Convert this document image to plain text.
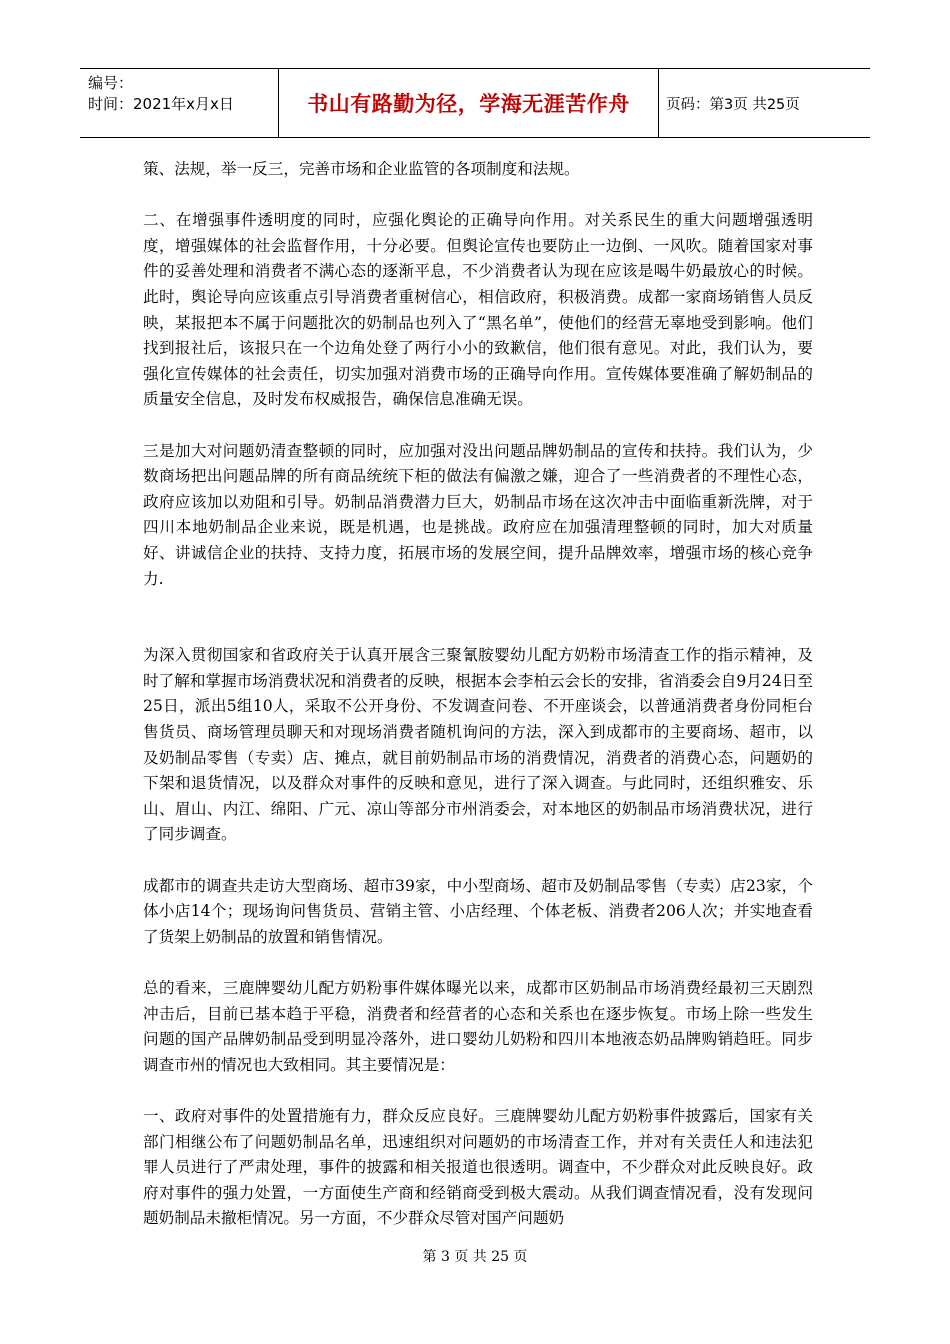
编号：
时间：2021年x月x日	书山有路勤为径，学海无涯苦作舟	页码：第3页 共25页

策、法规，举一反三，完善市场和企业监管的各项制度和法规。

二、在增强事件透明度的同时，应强化舆论的正确导向作用。对关系民生的重大问题增强透明度，增强媒体的社会监督作用，十分必要。但舆论宣传也要防止一边倒、一风吹。随着国家对事件的妥善处理和消费者不满心态的逐渐平息，不少消费者认为现在应该是喝牛奶最放心的时候。此时，舆论导向应该重点引导消费者重树信心，相信政府，积极消费。成都一家商场销售人员反映，某报把本不属于问题批次的奶制品也列入了“黑名单”，使他们的经营无辜地受到影响。他们找到报社后，该报只在一个边角处登了两行小小的致歉信，他们很有意见。对此，我们认为，要强化宣传媒体的社会责任，切实加强对消费市场的正确导向作用。宣传媒体要准确了解奶制品的质量安全信息，及时发布权威报告，确保信息准确无误。

三是加大对问题奶清查整顿的同时，应加强对没出问题品牌奶制品的宣传和扶持。我们认为，少数商场把出问题品牌的所有商品统统下柜的做法有偏激之嫌，迎合了一些消费者的不理性心态，政府应该加以劝阻和引导。奶制品消费潜力巨大，奶制品市场在这次冲击中面临重新洗牌，对于四川本地奶制品企业来说，既是机遇，也是挑战。政府应在加强清理整顿的同时，加大对质量好、讲诚信企业的扶持、支持力度，拓展市场的发展空间，提升品牌效率，增强市场的核心竞争力.

为深入贯彻国家和省政府关于认真开展含三聚氰胺婴幼儿配方奶粉市场清查工作的指示精神，及时了解和掌握市场消费状况和消费者的反映，根据本会李柏云会长的安排，省消委会自9月24日至25日，派出5组10人，采取不公开身份、不发调查问卷、不开座谈会，以普通消费者身份同柜台售货员、商场管理员聊天和对现场消费者随机询问的方法，深入到成都市的主要商场、超市，以及奶制品零售（专卖）店、摊点，就目前奶制品市场的消费情况，消费者的消费心态，问题奶的下架和退货情况，以及群众对事件的反映和意见，进行了深入调查。与此同时，还组织雅安、乐山、眉山、内江、绵阳、广元、凉山等部分市州消委会，对本地区的奶制品市场消费状况，进行了同步调查。

成都市的调查共走访大型商场、超市39家，中小型商场、超市及奶制品零售（专卖）店23家，个体小店14个；现场询问售货员、营销主管、小店经理、个体老板、消费者206人次；并实地查看了货架上奶制品的放置和销售情况。

总的看来，三鹿牌婴幼儿配方奶粉事件媒体曝光以来，成都市区奶制品市场消费经最初三天剧烈冲击后，目前已基本趋于平稳，消费者和经营者的心态和关系也在逐步恢复。市场上除一些发生问题的国产品牌奶制品受到明显冷落外，进口婴幼儿奶粉和四川本地液态奶品牌购销趋旺。同步调查市州的情况也大致相同。其主要情况是：

一、政府对事件的处置措施有力，群众反应良好。三鹿牌婴幼儿配方奶粉事件披露后，国家有关部门相继公布了问题奶制品名单，迅速组织对问题奶的市场清查工作，并对有关责任人和违法犯罪人员进行了严肃处理，事件的披露和相关报道也很透明。调查中，不少群众对此反映良好。政府对事件的强力处置，一方面使生产商和经销商受到极大震动。从我们调查情况看，没有发现问题奶制品未撤柜情况。另一方面，不少群众尽管对国产问题奶

第 3 页 共 25 页
